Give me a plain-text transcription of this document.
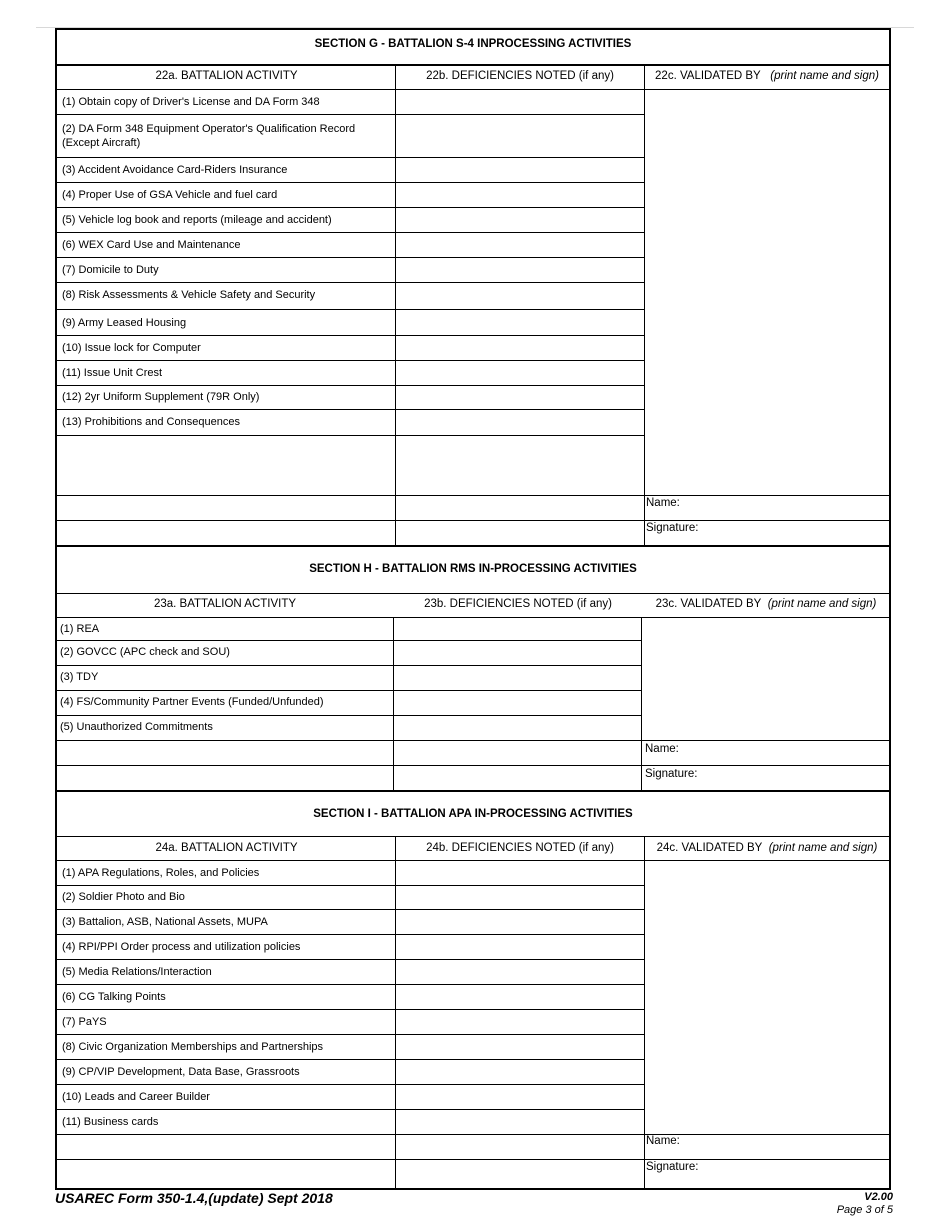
SECTION G - BATTALION S-4 INPROCESSING ACTIVITIES
22a. BATTALION ACTIVITY	22b. DEFICIENCIES NOTED (if any)	22c. VALIDATED BY (print name and sign)
(1) Obtain copy of Driver's License and DA Form 348
(2) DA Form 348 Equipment Operator's Qualification Record (Except Aircraft)
(3) Accident Avoidance Card-Riders Insurance
(4) Proper Use of GSA Vehicle and fuel card
(5) Vehicle log book and reports (mileage and accident)
(6) WEX Card Use and Maintenance
(7) Domicile to Duty
(8) Risk Assessments & Vehicle Safety and Security
(9) Army Leased Housing
(10) Issue lock for Computer
(11) Issue Unit Crest
(12) 2yr Uniform Supplement (79R Only)
(13) Prohibitions and Consequences
Name:
Signature:
SECTION H - BATTALION RMS IN-PROCESSING ACTIVITIES
23a. BATTALION ACTIVITY	23b. DEFICIENCIES NOTED (if any)	23c. VALIDATED BY (print name and sign)
(1) REA
(2) GOVCC (APC check and SOU)
(3) TDY
(4) FS/Community Partner Events (Funded/Unfunded)
(5) Unauthorized Commitments
Name:
Signature:
SECTION I - BATTALION APA IN-PROCESSING ACTIVITIES
24a. BATTALION ACTIVITY	24b. DEFICIENCIES NOTED (if any)	24c. VALIDATED BY (print name and sign)
(1) APA Regulations, Roles, and Policies
(2) Soldier Photo and Bio
(3) Battalion, ASB, National Assets, MUPA
(4) RPI/PPI Order process and utilization policies
(5) Media Relations/Interaction
(6) CG Talking Points
(7) PaYS
(8) Civic Organization Memberships and Partnerships
(9) CP/VIP Development, Data Base, Grassroots
(10) Leads and Career Builder
(11) Business cards
Name:
Signature:
USAREC Form 350-1.4,(update) Sept 2018	V2.00
Page 3 of 5
